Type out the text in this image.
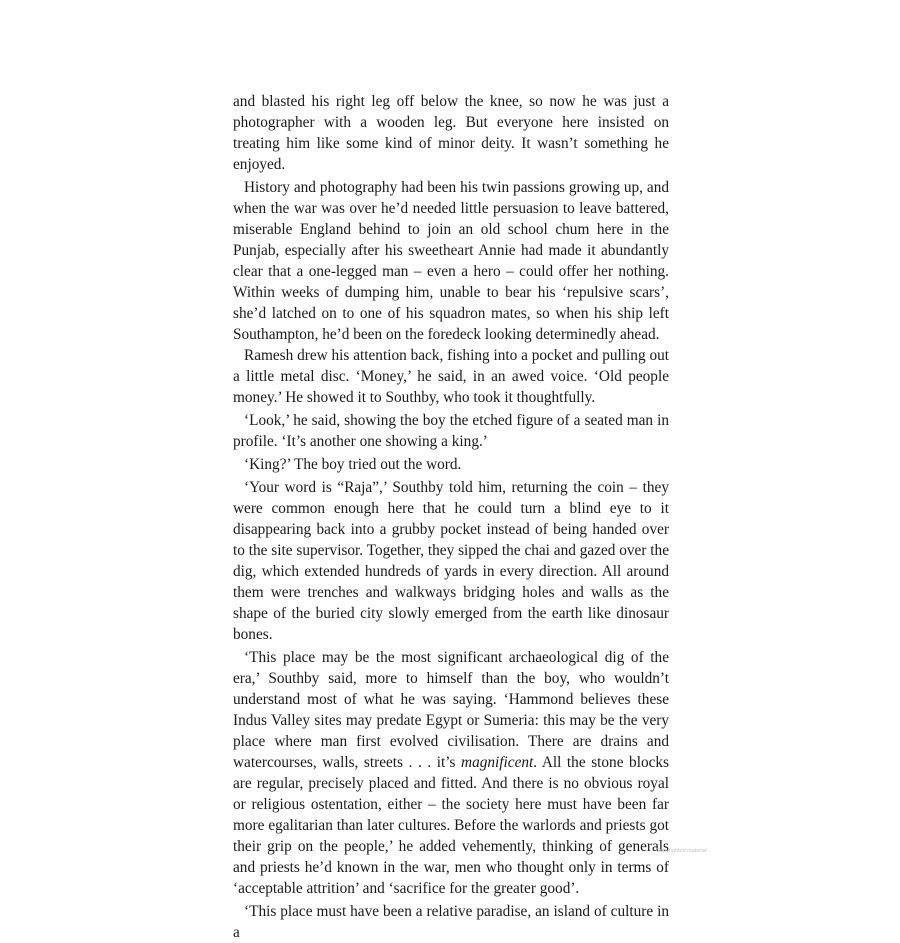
and blasted his right leg off below the knee, so now he was just a photographer with a wooden leg. But everyone here insisted on treating him like some kind of minor deity. It wasn’t something he enjoyed.

History and photography had been his twin passions growing up, and when the war was over he’d needed little persuasion to leave battered, miserable England behind to join an old school chum here in the Punjab, especially after his sweetheart Annie had made it abundantly clear that a one-legged man – even a hero – could offer her nothing. Within weeks of dumping him, unable to bear his ‘repulsive scars’, she’d latched on to one of his squadron mates, so when his ship left Southampton, he’d been on the foredeck looking determinedly ahead.

Ramesh drew his attention back, fishing into a pocket and pulling out a little metal disc. ‘Money,’ he said, in an awed voice. ‘Old people money.’ He showed it to Southby, who took it thoughtfully.

‘Look,’ he said, showing the boy the etched figure of a seated man in profile. ‘It’s another one showing a king.’

‘King?’ The boy tried out the word.

‘Your word is “Raja”,’ Southby told him, returning the coin – they were common enough here that he could turn a blind eye to it disappearing back into a grubby pocket instead of being handed over to the site supervisor. Together, they sipped the chai and gazed over the dig, which extended hundreds of yards in every direction. All around them were trenches and walkways bridging holes and walls as the shape of the buried city slowly emerged from the earth like dinosaur bones.

‘This place may be the most significant archaeological dig of the era,’ Southby said, more to himself than the boy, who wouldn’t understand most of what he was saying. ‘Hammond believes these Indus Valley sites may predate Egypt or Sumeria: this may be the very place where man first evolved civilisation. There are drains and watercourses, walls, streets . . . it’s magnificent. All the stone blocks are regular, precisely placed and fitted. And there is no obvious royal or religious ostentation, either – the society here must have been far more egalitarian than later cultures. Before the warlords and priests got their grip on the people,’ he added vehemently, thinking of generals and priests he’d known in the war, men who thought only in terms of ‘acceptable attrition’ and ‘sacrifice for the greater good’.

‘This place must have been a relative paradise, an island of culture in a

Copyrighted material
